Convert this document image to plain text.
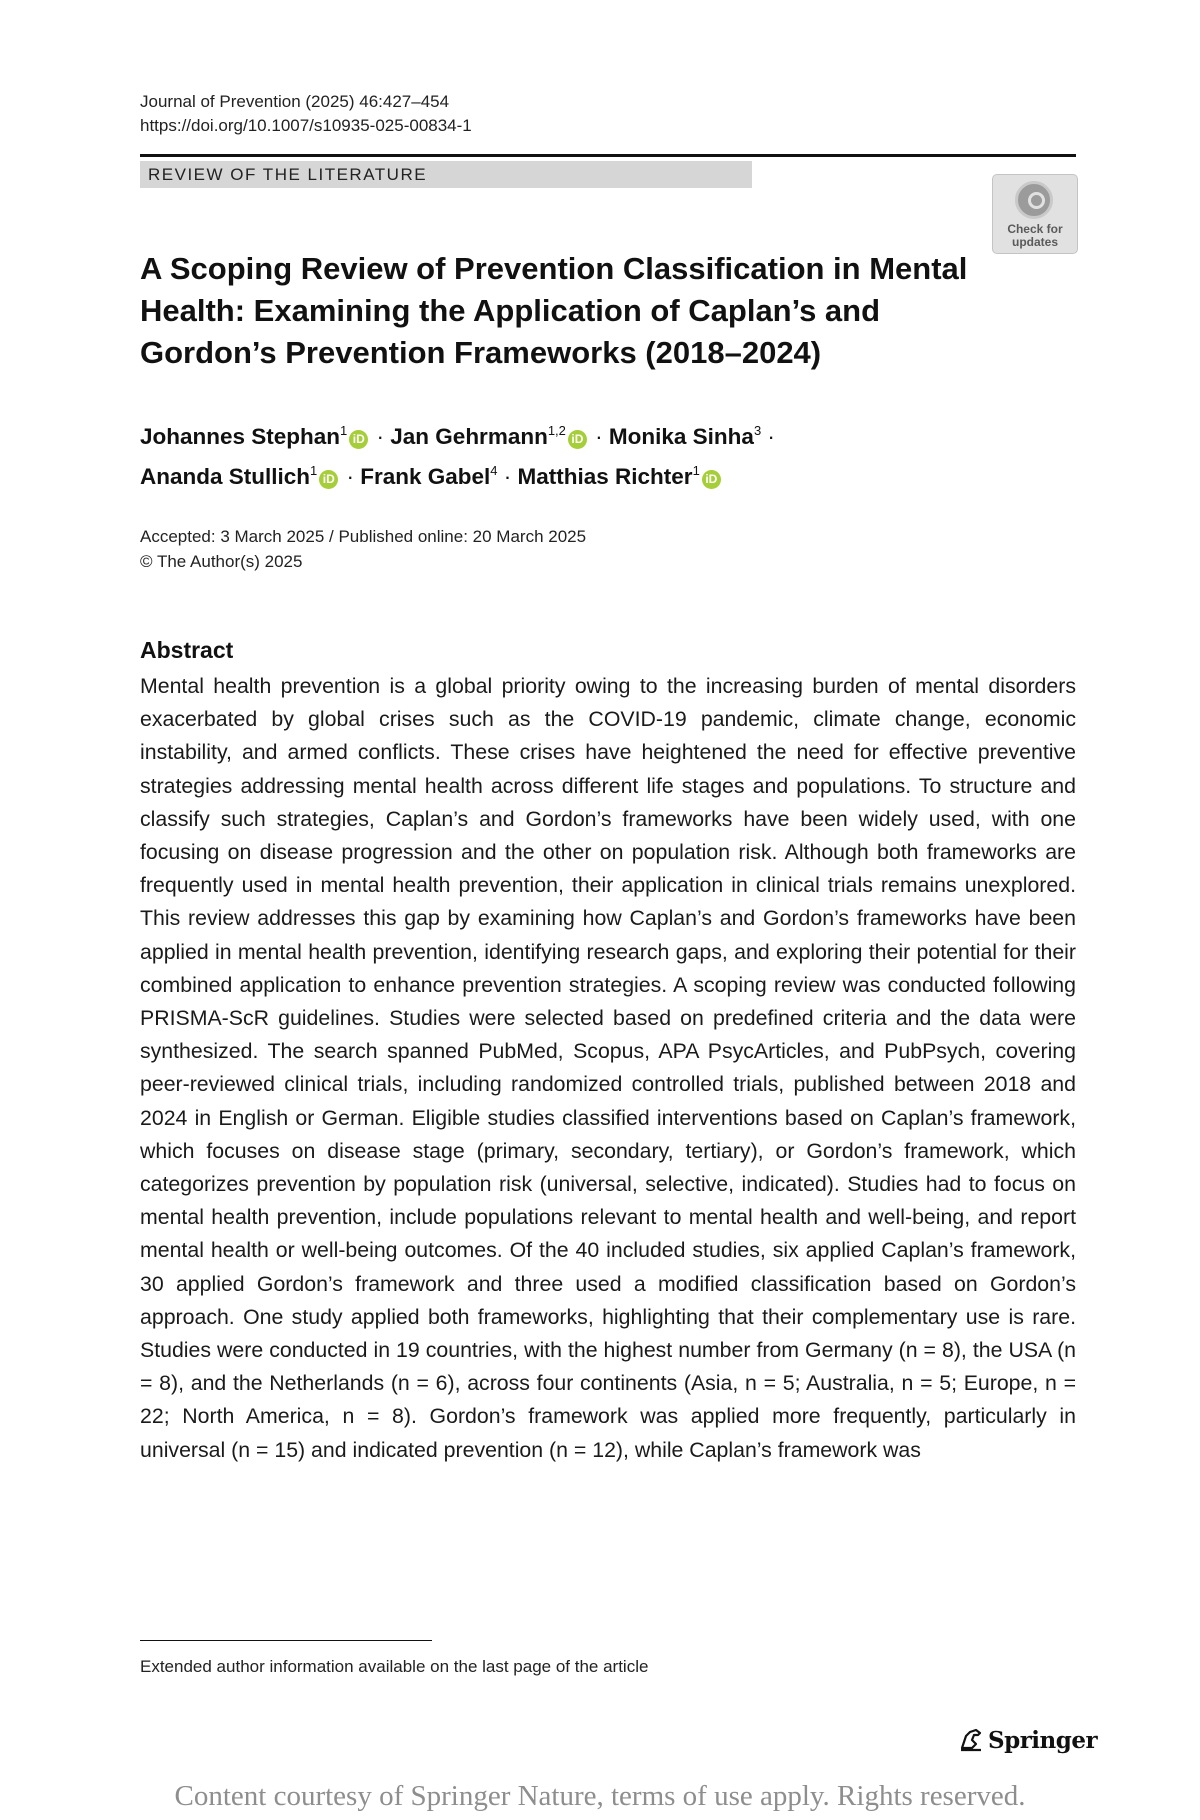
Journal of Prevention (2025) 46:427–454
https://doi.org/10.1007/s10935-025-00834-1
REVIEW OF THE LITERATURE
Check for updates
A Scoping Review of Prevention Classification in Mental Health: Examining the Application of Caplan’s and Gordon’s Prevention Frameworks (2018–2024)
Johannes Stephan$^1$iD · Jan Gehrmann$^{1,2}$iD · Monika Sinha$^3$ ·
Ananda Stullich$^1$iD · Frank Gabel$^4$ · Matthias Richter$^1$iD
Accepted: 3 March 2025 / Published online: 20 March 2025
© The Author(s) 2025
Abstract

Mental health prevention is a global priority owing to the increasing burden of mental disorders exacerbated by global crises such as the COVID-19 pandemic, climate change, economic instability, and armed conflicts. These crises have heightened the need for effective preventive strategies addressing mental health across different life stages and populations. To structure and classify such strategies, Caplan’s and Gordon’s frameworks have been widely used, with one focusing on disease progression and the other on population risk. Although both frameworks are frequently used in mental health prevention, their application in clinical trials remains unexplored. This review addresses this gap by examining how Caplan’s and Gordon’s frameworks have been applied in mental health prevention, identifying research gaps, and exploring their potential for their combined application to enhance prevention strategies. A scoping review was conducted following PRISMA-ScR guidelines. Studies were selected based on predefined criteria and the data were synthesized. The search spanned PubMed, Scopus, APA PsycArticles, and PubPsych, covering peer-reviewed clinical trials, including randomized controlled trials, published between 2018 and 2024 in English or German. Eligible studies classified interventions based on Caplan’s framework, which focuses on disease stage (primary, secondary, tertiary), or Gordon’s framework, which categorizes prevention by population risk (universal, selective, indicated). Studies had to focus on mental health prevention, include populations relevant to mental health and well-being, and report mental health or well-being outcomes. Of the 40 included studies, six applied Caplan’s framework, 30 applied Gordon’s framework and three used a modified classification based on Gordon’s approach. One study applied both frameworks, highlighting that their complementary use is rare. Studies were conducted in 19 countries, with the highest number from Germany (n = 8), the USA (n = 8), and the Netherlands (n = 6), across four continents (Asia, n = 5; Australia, n = 5; Europe, n = 22; North America, n = 8). Gordon’s framework was applied more frequently, particularly in universal (n = 15) and indicated prevention (n = 12), while Caplan’s framework was

Extended author information available on the last page of the article
Springer
Content courtesy of Springer Nature, terms of use apply. Rights reserved.
